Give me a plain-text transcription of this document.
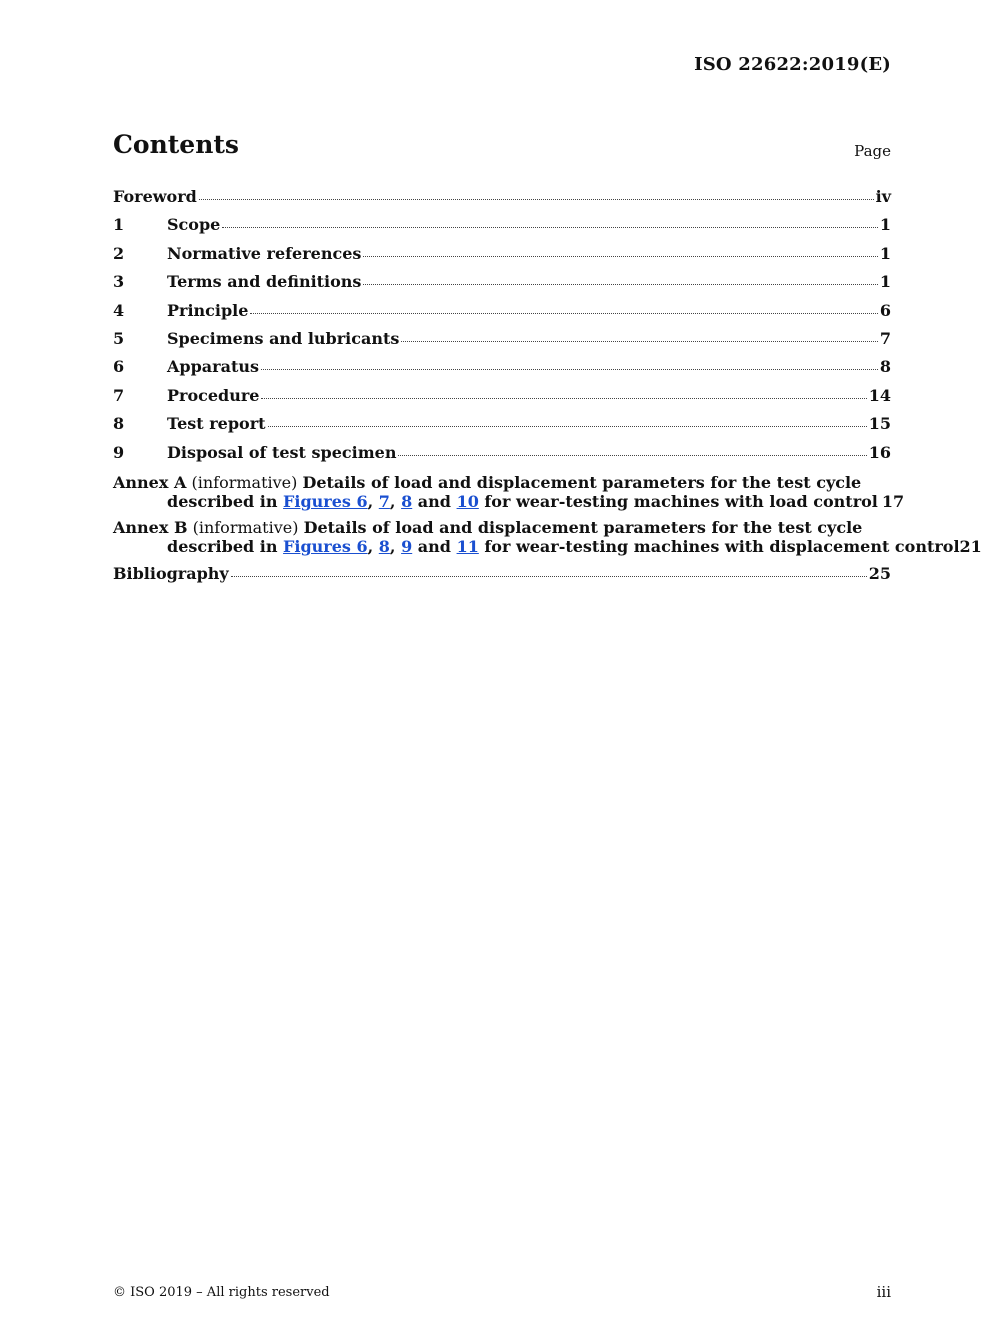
ISO 22622:2019(E)
Contents	Page
Foreword	iv
1	Scope	1
2	Normative references	1
3	Terms and definitions	1
4	Principle	6
5	Specimens and lubricants	7
6	Apparatus	8
7	Procedure	14
8	Test report	15
9	Disposal of test specimen	16
Annex A (informative) Details of load and displacement parameters for the test cycle
described in Figures 6, 7, 8 and 10 for wear-testing machines with load control 17
Annex B (informative) Details of load and displacement parameters for the test cycle
described in Figures 6, 8, 9 and 11 for wear-testing machines with displacement control 21
Bibliography	25
© ISO 2019 – All rights reserved	iii
